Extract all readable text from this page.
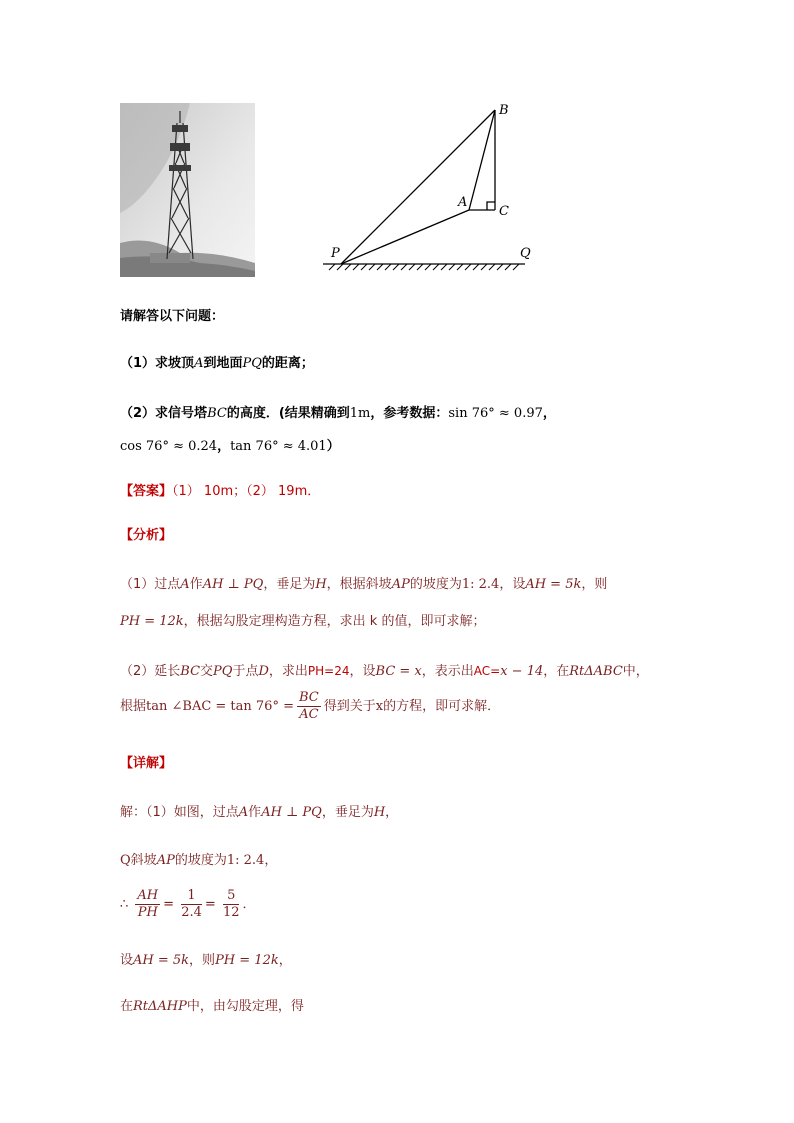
B
A
C
P	Q
请解答以下问题：
（1）求坡顶A到地面PQ的距离；
（2）求信号塔BC的高度．(结果精确到1m，参考数据：sin 76° ≈ 0.97，
cos 76° ≈ 0.24，tan 76° ≈ 4.01）
【答案】（1） 10m；（2） 19m．
【分析】
（1）过点A作AH ⊥ PQ，垂足为H，根据斜坡AP的坡度为1: 2.4，设AH = 5k，则
PH = 12k，根据勾股定理构造方程，求出 k 的值，即可求解；
（2）延长BC交PQ于点D，求出PH=24，设BC = x，表示出AC=x − 14，在RtΔABC中，
根据tan ∠BAC = $\tan 76^\circ = \frac{BC}{AC}$ 得到关于x的方程，即可求解．
【详解】
解：（1）如图，过点A作AH ⊥ PQ，垂足为H，
Q斜坡AP的坡度为1: 2.4，
∴ $\frac{AH}{PH} = \frac{1}{2.4} = \frac{5}{12}$ ．
设AH = 5k，则PH = 12k，
在RtΔAHP中，由勾股定理，得
